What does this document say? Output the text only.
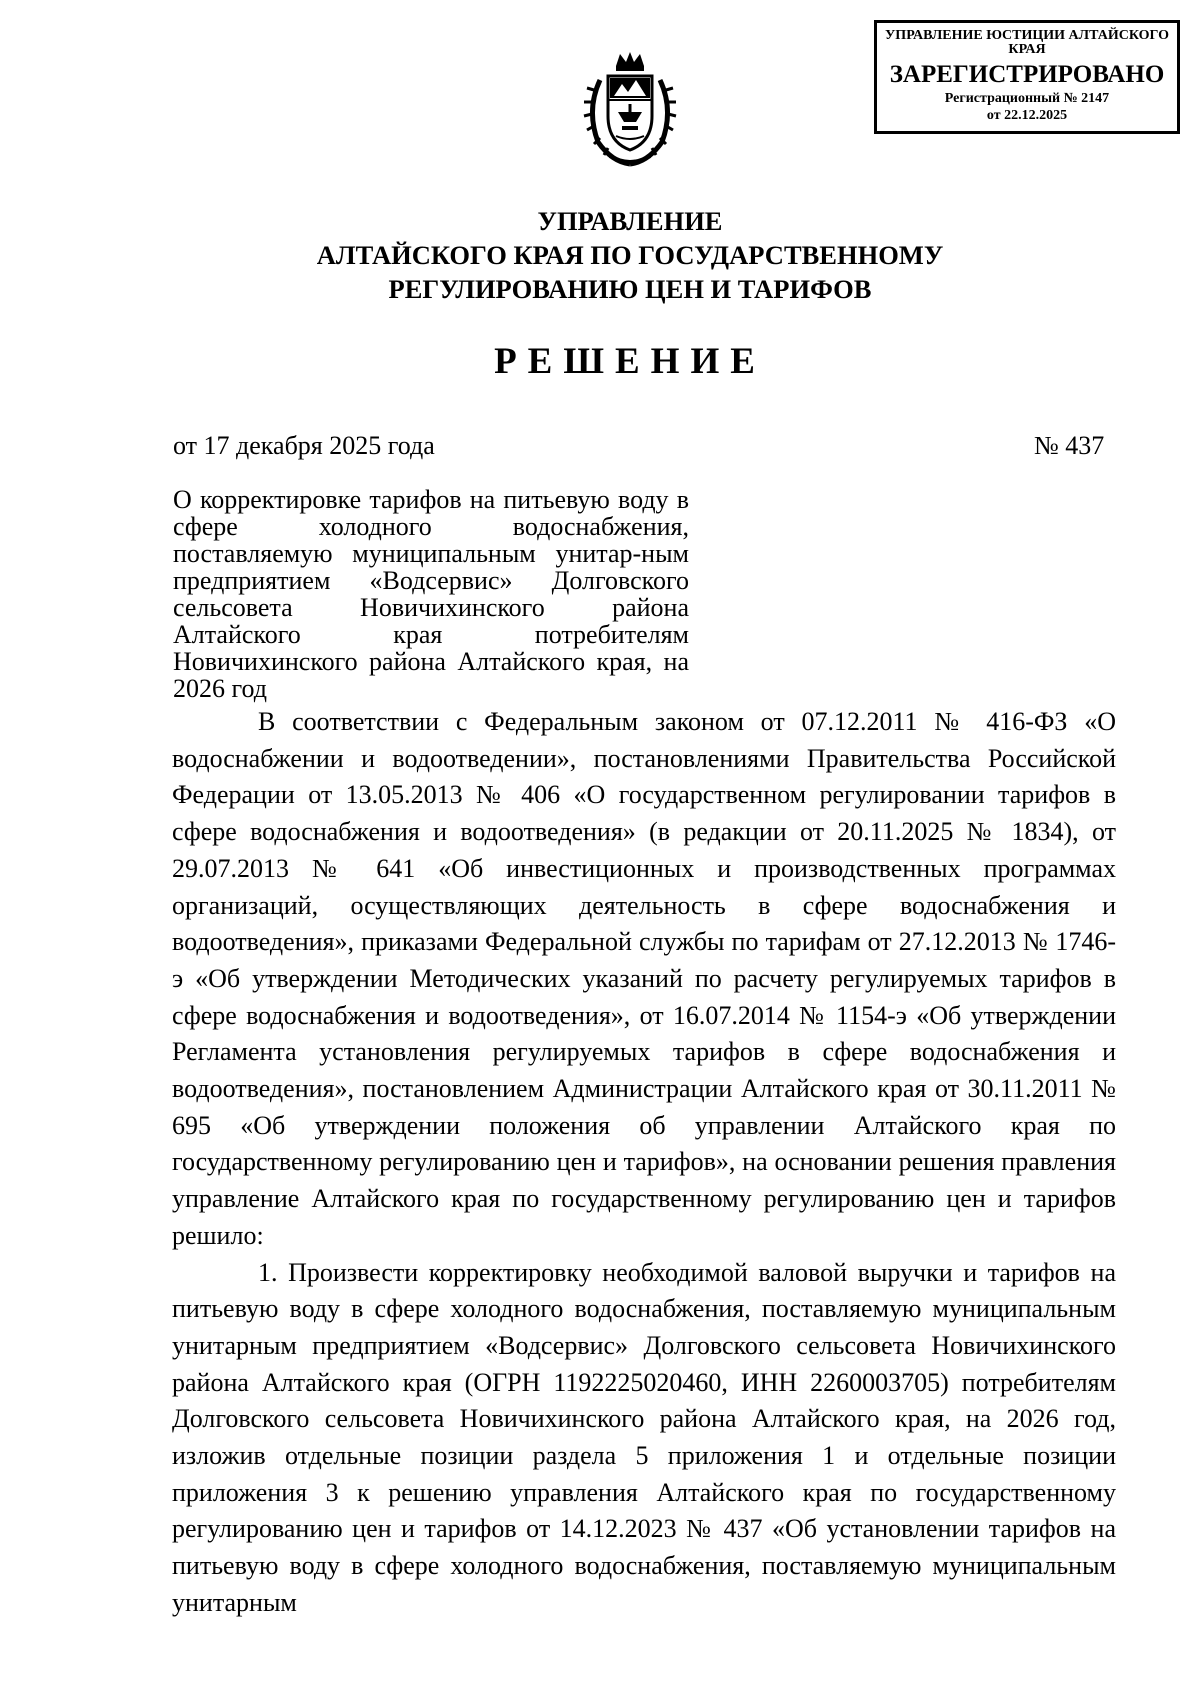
УПРАВЛЕНИЕ ЮСТИЦИИ АЛТАЙСКОГО КРАЯ
ЗАРЕГИСТРИРОВАНО
Регистрационный № 2147
от 22.12.2025
УПРАВЛЕНИЕ
АЛТАЙСКОГО КРАЯ ПО ГОСУДАРСТВЕННОМУ
РЕГУЛИРОВАНИЮ ЦЕН И ТАРИФОВ
РЕШЕНИЕ
от 17 декабря 2025 года	№ 437
О корректировке тарифов на питьевую воду в сфере холодного водоснабжения, поставляемую муниципальным унитар-ным предприятием «Водсервис» Долговского сельсовета Новичихинского района Алтайского края потребителям Новичихинского района Алтайского края, на 2026 год

В соответствии с Федеральным законом от 07.12.2011 № 416-ФЗ «О водоснабжении и водоотведении», постановлениями Правительства Российской Федерации от 13.05.2013 № 406 «О государственном регулировании тарифов в сфере водоснабжения и водоотведения» (в редакции от 20.11.2025 № 1834), от 29.07.2013 № 641 «Об инвестиционных и производственных программах организаций, осуществляющих деятельность в сфере водоснабжения и водоотведения», приказами Федеральной службы по тарифам от 27.12.2013 № 1746-э «Об утверждении Методических указаний по расчету регулируемых тарифов в сфере водоснабжения и водоотведения», от 16.07.2014 № 1154-э «Об утверждении Регламента установления регулируемых тарифов в сфере водоснабжения и водоотведения», постановлением Администрации Алтайского края от 30.11.2011 № 695 «Об утверждении положения об управлении Алтайского края по государственному регулированию цен и тарифов», на основании решения правления управление Алтайского края по государственному регулированию цен и тарифов решило:

1. Произвести корректировку необходимой валовой выручки и тарифов на питьевую воду в сфере холодного водоснабжения, поставляемую муниципальным унитарным предприятием «Водсервис» Долговского сельсовета Новичихинского района Алтайского края (ОГРН 1192225020460, ИНН 2260003705) потребителям Долговского сельсовета Новичихинского района Алтайского края, на 2026 год, изложив отдельные позиции раздела 5 приложения 1 и отдельные позиции приложения 3 к решению управления Алтайского края по государственному регулированию цен и тарифов от 14.12.2023 № 437 «Об установлении тарифов на питьевую воду в сфере холодного водоснабжения, поставляемую муниципальным унитарным
